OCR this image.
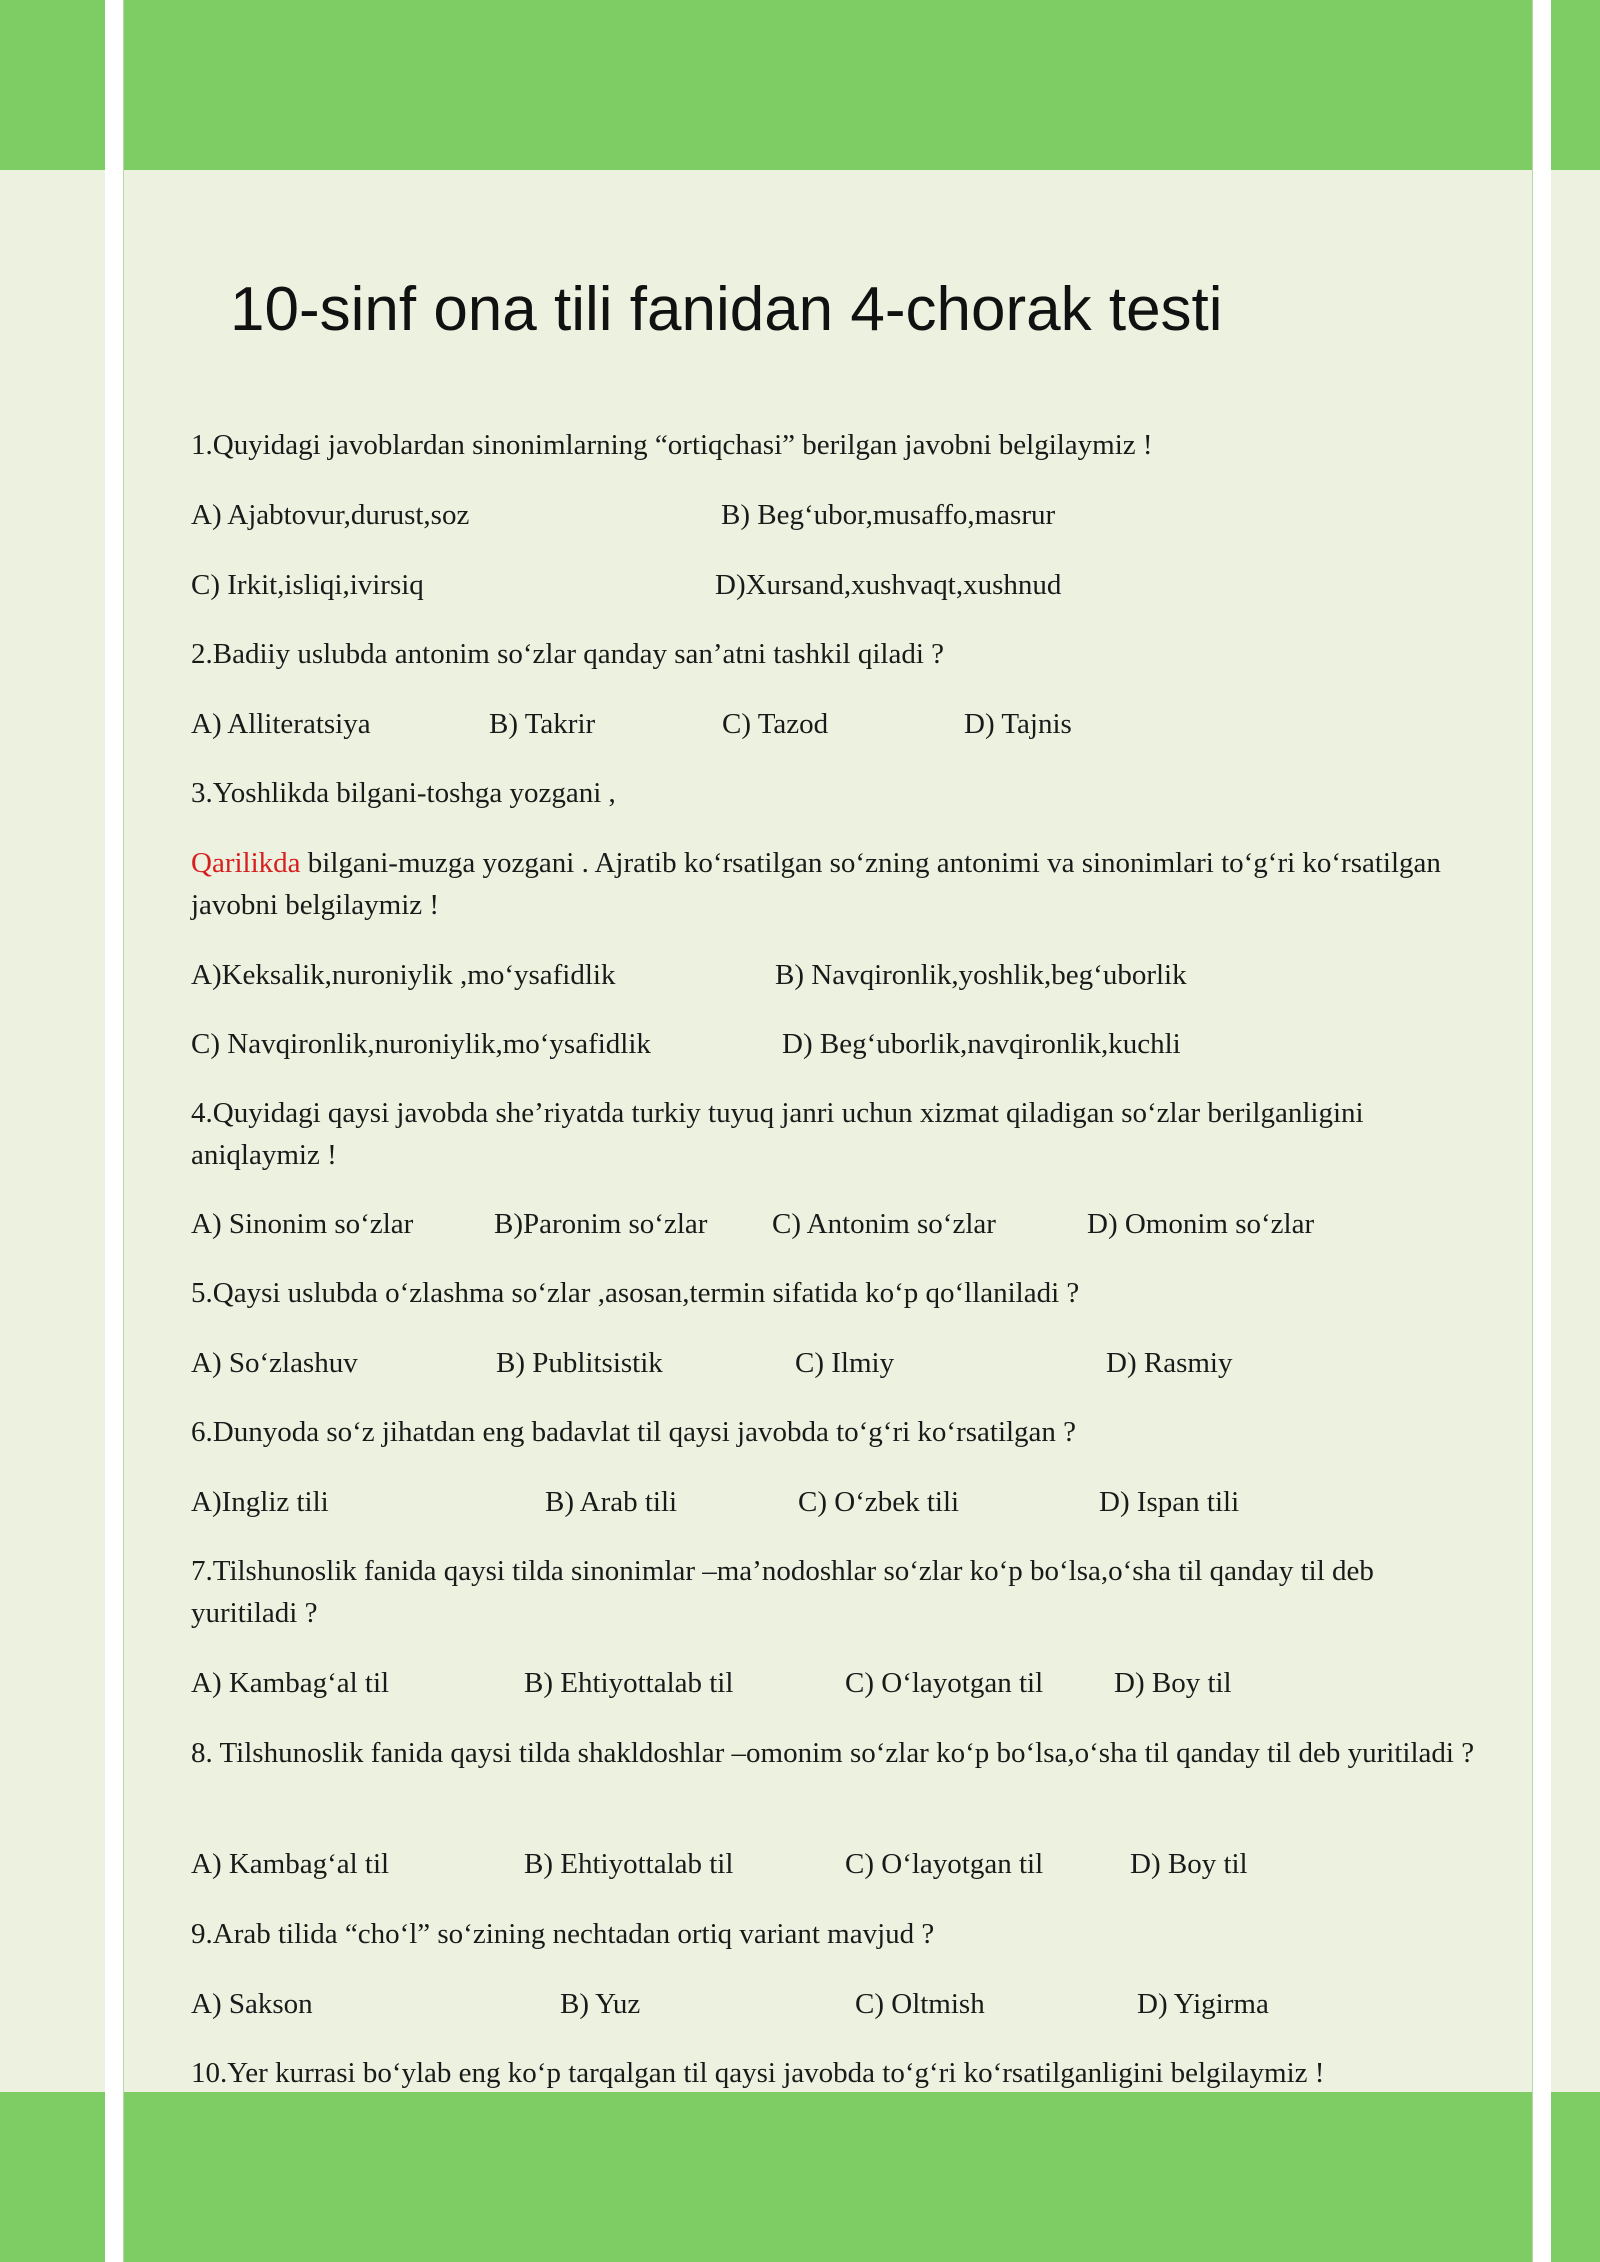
10-sinf ona tili fanidan 4-chorak testi
1.Quyidagi javoblardan sinonimlarning “ortiqchasi” berilgan javobni belgilaymiz !
A) Ajabtovur,durust,soz	B) Beg‘ubor,musaffo,masrur
C) Irkit,isliqi,ivirsiq	D)Xursand,xushvaqt,xushnud
2.Badiiy uslubda antonim so‘zlar qanday san’atni tashkil qiladi ?
A) Alliteratsiya	B) Takrir	C) Tazod	D) Tajnis
3.Yoshlikda bilgani-toshga yozgani ,
Qarilikda bilgani-muzga yozgani . Ajratib ko‘rsatilgan so‘zning antonimi va sinonimlari to‘g‘ri ko‘rsatilgan javobni belgilaymiz !
A)Keksalik,nuroniylik ,mo‘ysafidlik	B) Navqironlik,yoshlik,beg‘uborlik
C) Navqironlik,nuroniylik,mo‘ysafidlik	D) Beg‘uborlik,navqironlik,kuchli
4.Quyidagi qaysi javobda she’riyatda turkiy tuyuq janri uchun xizmat qiladigan so‘zlar berilganligini aniqlaymiz !
A) Sinonim so‘zlar	B)Paronim so‘zlar C) Antonim so‘zlar	D) Omonim so‘zlar
5.Qaysi uslubda o‘zlashma so‘zlar ,asosan,termin sifatida ko‘p qo‘llaniladi ?
A) So‘zlashuv	B) Publitsistik	C) Ilmiy	D) Rasmiy
6.Dunyoda so‘z jihatdan eng badavlat til qaysi javobda to‘g‘ri ko‘rsatilgan ?
A)Ingliz tili	B) Arab tili	C) O‘zbek tili	D) Ispan tili
7.Tilshunoslik fanida qaysi tilda sinonimlar –ma’nodoshlar so‘zlar ko‘p bo‘lsa,o‘sha til qanday til deb yuritiladi ?
A) Kambag‘al til	B) Ehtiyottalab til	C) O‘layotgan til D) Boy til
8. Tilshunoslik fanida qaysi tilda shakldoshlar –omonim so‘zlar ko‘p bo‘lsa,o‘sha til qanday til deb yuritiladi ?
A) Kambag‘al til	B) Ehtiyottalab til	C) O‘layotgan til	D) Boy til
9.Arab tilida “cho‘l” so‘zining nechtadan ortiq variant mavjud ?
A) Sakson	B) Yuz	C) Oltmish	D) Yigirma
10.Yer kurrasi bo‘ylab eng ko‘p tarqalgan til qaysi javobda to‘g‘ri ko‘rsatilganligini belgilaymiz !
